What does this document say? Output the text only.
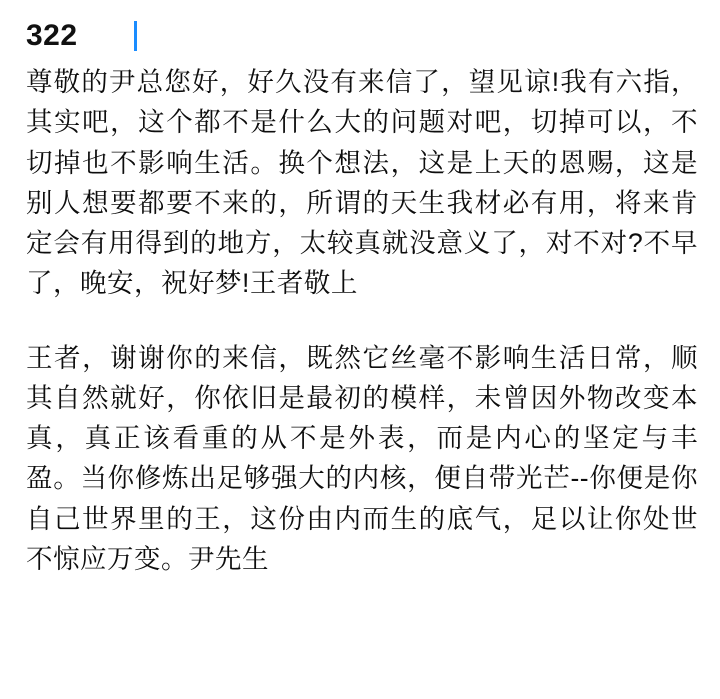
322

尊敬的尹总您好，好久没有来信了，望见谅!我有六指，其实吧，这个都不是什么大的问题对吧，切掉可以，不切掉也不影响生活。换个想法，这是上天的恩赐，这是别人想要都要不来的，所谓的天生我材必有用，将来肯定会有用得到的地方，太较真就没意义了，对不对?不早了，晚安，祝好梦!王者敬上

王者，谢谢你的来信，既然它丝毫不影响生活日常，顺其自然就好，你依旧是最初的模样，未曾因外物改变本真，真正该看重的从不是外表，而是内心的坚定与丰盈。当你修炼出足够强大的内核，便自带光芒--你便是你自己世界里的王，这份由内而生的底气，足以让你处世不惊应万变。尹先生
